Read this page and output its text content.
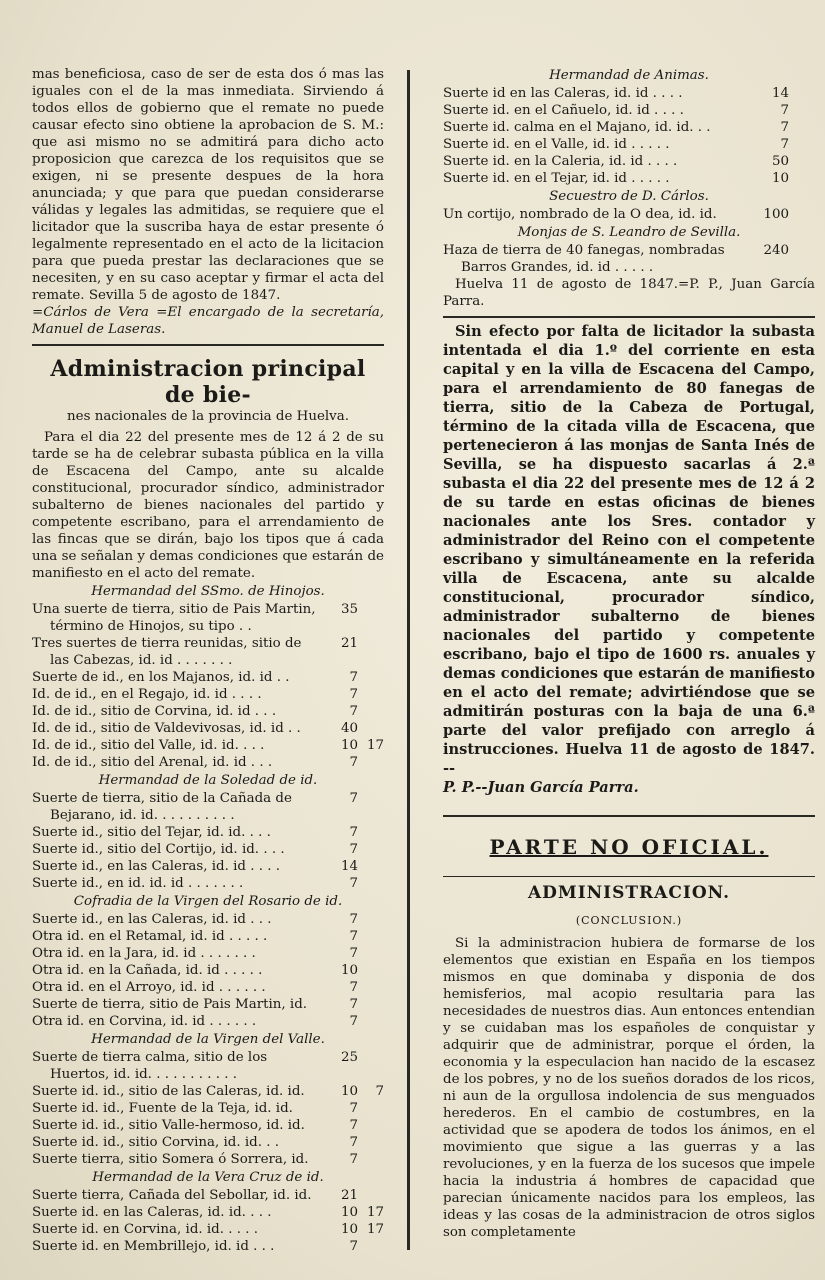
mas beneficiosa, caso de ser de esta dos ó mas las iguales con el de la mas inmediata. Sirviendo á todos ellos de gobierno que el remate no puede causar efecto sino obtiene la aprobacion de S. M.: que asi mismo no se admitirá para dicho acto proposicion que carezca de los requisitos que se exigen, ni se presente despues de la hora anunciada; y que para que puedan considerarse válidas y legales las admitidas, se requiere que el licitador que la suscriba haya de estar presente ó legalmente representado en el acto de la licitacion para que pueda prestar las declaraciones que se necesiten, y en su caso aceptar y firmar el acta del remate. Sevilla 5 de agosto de 1847.

=Cárlos de Vera =El encargado de la secretaría, Manuel de Laseras.

Administracion principal de bie-
nes nacionales de la provincia de Huelva.

Para el dia 22 del presente mes de 12 á 2 de su tarde se ha de celebrar subasta pública en la villa de Escacena del Campo, ante su alcalde constitucional, procurador síndico, administrador subalterno de bienes nacionales del partido y competente escribano, para el arrendamiento de las fincas que se dirán, bajo los tipos que á cada una se señalan y demas condiciones que estarán de manifiesto en el acto del remate.

Hermandad del SSmo. de Hinojos.
Una suerte de tierra, sitio de Pais Martin, término de Hinojos, su tipo . .
35
Tres suertes de tierra reunidas, sitio de las Cabezas, id. id . . . . . . .
21
Suerte de id., en los Majanos, id. id . .	7
Id. de id., en el Regajo, id. id . . . .	7
Id. de id., sitio de Corvina, id. id . . .	7
Id. de id., sitio de Valdevivosas, id. id . .	40
Id. de id., sitio del Valle, id. id. . . .	10 17
Id. de id., sitio del Arenal, id. id . . .	7
Hermandad de la Soledad de id.
Suerte de tierra, sitio de la Cañada de Bejarano, id. id. . . . . . . . . .
7
Suerte id., sitio del Tejar, id. id. . . .	7
Suerte id., sitio del Cortijo, id. id. . . .	7
Suerte id., en las Caleras, id. id . . . .	14
Suerte id., en id. id. id . . . . . . .	7
Cofradia de la Virgen del Rosario de id.
Suerte id., en las Caleras, id. id . . .	7
Otra id. en el Retamal, id. id . . . . .	7
Otra id. en la Jara, id. id . . . . . . .	7
Otra id. en la Cañada, id. id . . . . .	10
Otra id. en el Arroyo, id. id . . . . . .	7
Suerte de tierra, sitio de Pais Martin, id.	7
Otra id. en Corvina, id. id . . . . . .	7
Hermandad de la Virgen del Valle.
Suerte de tierra calma, sitio de los Huertos, id. id. . . . . . . . . . .
25
Suerte id. id., sitio de las Caleras, id. id.	10	7
Suerte id. id., Fuente de la Teja, id. id.	7
Suerte id. id., sitio Valle-hermoso, id. id.	7
Suerte id. id., sitio Corvina, id. id. . .	7
Suerte tierra, sitio Somera ó Sorrera, id.	7
Hermandad de la Vera Cruz de id.
Suerte tierra, Cañada del Sebollar, id. id.	21
Suerte id. en las Caleras, id. id. . . .	10 17
Suerte id. en Corvina, id. id. . . . .	10 17
Suerte id. en Membrillejo, id. id . . .	7
Hermandad de Animas.
Suerte id en las Caleras, id. id . . . .	14
Suerte id. en el Cañuelo, id. id . . . .	7
Suerte id. calma en el Majano, id. id. . .	7
Suerte id. en el Valle, id. id . . . . .	7
Suerte id. en la Caleria, id. id . . . .	50
Suerte id. en el Tejar, id. id . . . . .	10
Secuestro de D. Cárlos.
Un cortijo, nombrado de la O dea, id. id.	100
Monjas de S. Leandro de Sevilla.
Haza de tierra de 40 fanegas, nombradas Barros Grandes, id. id . . . . .
240

Huelva 11 de agosto de 1847.=P. P., Juan García Parra.

Sin efecto por falta de licitador la subasta intentada el dia 1.º del corriente en esta capital y en la villa de Escacena del Campo, para el arrendamiento de 80 fanegas de tierra, sitio de la Cabeza de Portugal, término de la citada villa de Escacena, que pertenecieron á las monjas de Santa Inés de Sevilla, se ha dispuesto sacarlas á 2.ª subasta el dia 22 del presente mes de 12 á 2 de su tarde en estas oficinas de bienes nacionales ante los Sres. contador y administrador del Reino con el competente escribano y simultáneamente en la referida villa de Escacena, ante su alcalde constitucional, procurador síndico, administrador subalterno de bienes nacionales del partido y competente escribano, bajo el tipo de 1600 rs. anuales y demas condiciones que estarán de manifiesto en el acto del remate; advirtiéndose que se admitirán posturas con la baja de una 6.ª parte del valor prefijado con arreglo á instrucciones. Huelva 11 de agosto de 1847. --

P. P.--Juan García Parra.

PARTE NO OFICIAL.
ADMINISTRACION.
(CONCLUSION.)

Si la administracion hubiera de formarse de los elementos que existian en España en los tiempos mismos en que dominaba y disponia de dos hemisferios, mal acopio resultaria para las necesidades de nuestros dias. Aun entonces entendian y se cuidaban mas los españoles de conquistar y adquirir que de administrar, porque el órden, la economia y la especulacion han nacido de la escasez de los pobres, y no de los sueños dorados de los ricos, ni aun de la orgullosa indolencia de sus menguados herederos. En el cambio de costumbres, en la actividad que se apodera de todos los ánimos, en el movimiento que sigue a las guerras y a las revoluciones, y en la fuerza de los sucesos que impele hacia la industria á hombres de capacidad que parecian únicamente nacidos para los empleos, las ideas y las cosas de la administracion de otros siglos son completamente
